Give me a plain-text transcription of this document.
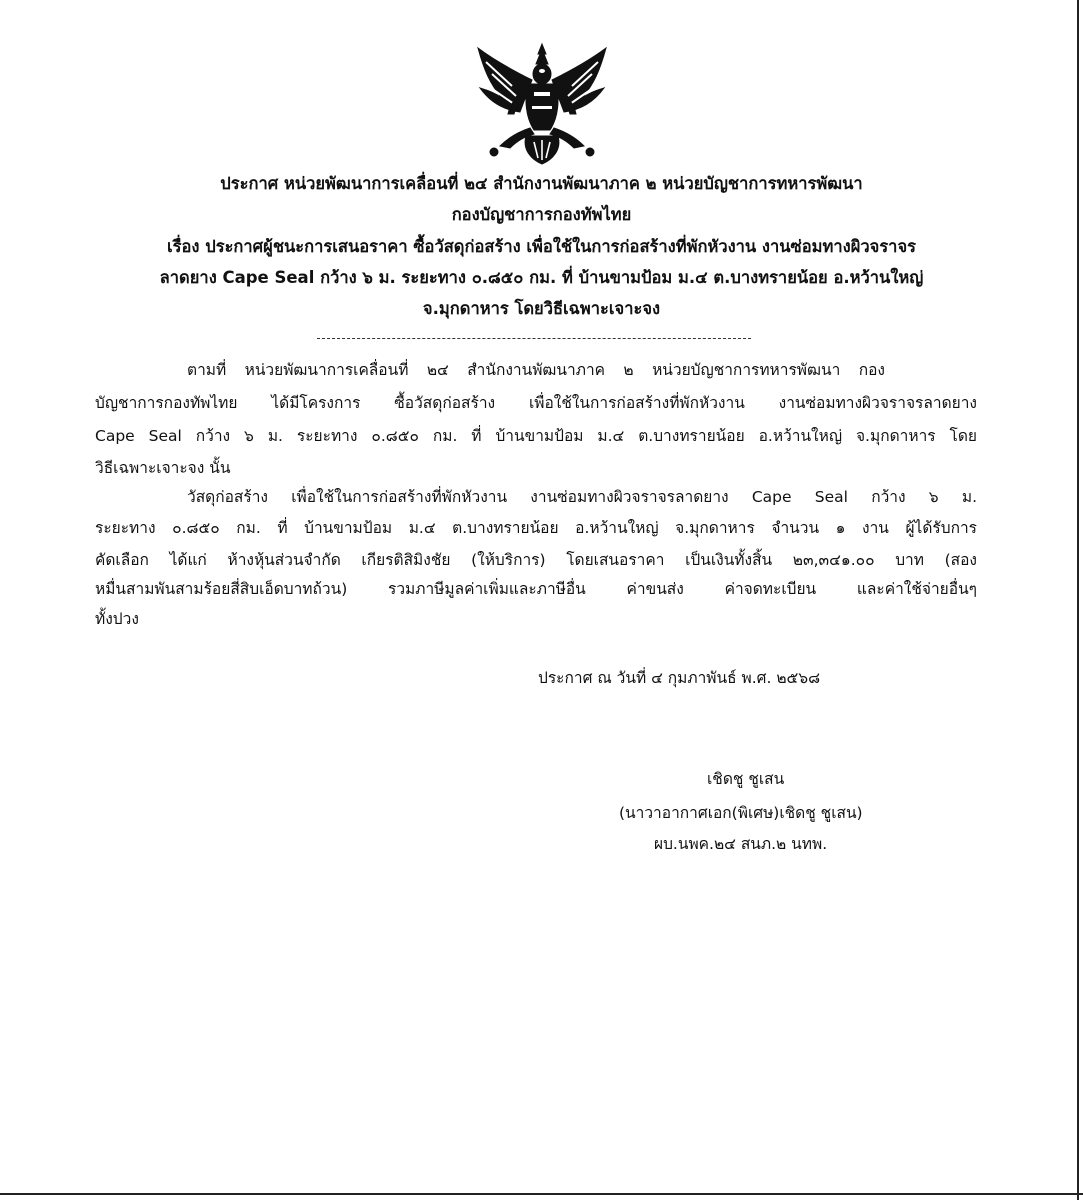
ประกาศ หน่วยพัฒนาการเคลื่อนที่ ๒๔ สำนักงานพัฒนาภาค ๒ หน่วยบัญชาการทหารพัฒนา
กองบัญชาการกองทัพไทย
เรื่อง ประกาศผู้ชนะการเสนอราคา ซื้อวัสดุก่อสร้าง เพื่อใช้ในการก่อสร้างที่พักหัวงาน งานซ่อมทางผิวจราจร
ลาดยาง Cape Seal กว้าง ๖ ม. ระยะทาง ๐.๘๕๐ กม. ที่ บ้านขามป้อม ม.๔ ต.บางทรายน้อย อ.หว้านใหญ่
จ.มุกดาหาร โดยวิธีเฉพาะเจาะจง
ตามที่ หน่วยพัฒนาการเคลื่อนที่ ๒๔ สำนักงานพัฒนาภาค ๒ หน่วยบัญชาการทหารพัฒนา กอง
บัญชาการกองทัพไทย ได้มีโครงการ ซื้อวัสดุก่อสร้าง เพื่อใช้ในการก่อสร้างที่พักหัวงาน งานซ่อมทางผิวจราจรลาดยาง
Cape Seal กว้าง ๖ ม. ระยะทาง ๐.๘๕๐ กม. ที่ บ้านขามป้อม ม.๔ ต.บางทรายน้อย อ.หว้านใหญ่ จ.มุกดาหาร โดย
วิธีเฉพาะเจาะจง นั้น
วัสดุก่อสร้าง เพื่อใช้ในการก่อสร้างที่พักหัวงาน งานซ่อมทางผิวจราจรลาดยาง Cape Seal กว้าง ๖ ม.
ระยะทาง ๐.๘๕๐ กม. ที่ บ้านขามป้อม ม.๔ ต.บางทรายน้อย อ.หว้านใหญ่ จ.มุกดาหาร จำนวน ๑ งาน ผู้ได้รับการ
คัดเลือก ได้แก่ ห้างหุ้นส่วนจำกัด เกียรติสิมิงชัย (ให้บริการ) โดยเสนอราคา เป็นเงินทั้งสิ้น ๒๓,๓๔๑.๐๐ บาท (สอง
หมื่นสามพันสามร้อยสี่สิบเอ็ดบาทถ้วน) รวมภาษีมูลค่าเพิ่มและภาษีอื่น ค่าขนส่ง ค่าจดทะเบียน และค่าใช้จ่ายอื่นๆ
ทั้งปวง
ประกาศ ณ วันที่ ๔ กุมภาพันธ์ พ.ศ. ๒๕๖๘
เชิดชู ชูเสน
(นาวาอากาศเอก(พิเศษ)เชิดชู ชูเสน)
ผบ.นพค.๒๔ สนภ.๒ นทพ.
